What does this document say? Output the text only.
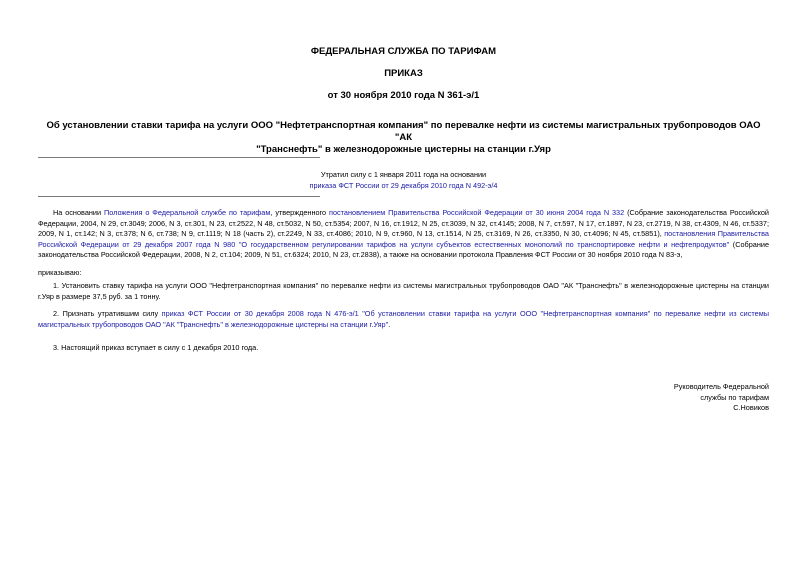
ФЕДЕРАЛЬНАЯ СЛУЖБА ПО ТАРИФАМ
ПРИКАЗ
от 30 ноября 2010 года N 361-э/1
Об установлении ставки тарифа на услуги ООО "Нефтетранспортная компания" по перевалке нефти из системы магистральных трубопроводов ОАО "АК
"Транснефть" в железнодорожные цистерны на станции г.Уяр
Утратил силу с 1 января 2011 года на основании
приказа ФСТ России от 29 декабря 2010 года N 492-э/4
На основании Положения о Федеральной службе по тарифам, утвержденного постановлением Правительства Российской Федерации от 30 июня 2004 года N 332 (Собрание законодательства Российской Федерации, 2004, N 29, ст.3049; 2006, N 3, ст.301, N 23, ст.2522, N 48, ст.5032, N 50, ст.5354; 2007, N 16, ст.1912, N 25, ст.3039, N 32, ст.4145; 2008, N 7, ст.597, N 17, ст.1897, N 23, ст.2719, N 38, ст.4309, N 46, ст.5337; 2009, N 1, ст.142; N 3, ст.378; N 6, ст.738; N 9, ст.1119; N 18 (часть 2), ст.2249, N 33, ст.4086; 2010, N 9, ст.960, N 13, ст.1514, N 25, ст.3169, N 26, ст.3350, N 30, ст.4096; N 45, ст.5851), постановления Правительства Российской Федерации от 29 декабря 2007 года N 980 "О государственном регулировании тарифов на услуги субъектов естественных монополий по транспортировке нефти и нефтепродуктов" (Собрание законодательства Российской Федерации, 2008, N 2, ст.104; 2009, N 51, ст.6324; 2010, N 23, ст.2838), а также на основании протокола Правления ФСТ России от 30 ноября 2010 года N 83-э,
приказываю:
1. Установить ставку тарифа на услуги ООО "Нефтетранспортная компания" по перевалке нефти из системы магистральных трубопроводов ОАО "АК "Транснефть" в железнодорожные цистерны на станции г.Уяр в размере 37,5 руб. за 1 тонну.
2. Признать утратившим силу приказ ФСТ России от 30 декабря 2008 года N 476-э/1 "Об установлении ставки тарифа на услуги ООО "Нефтетранспортная компания" по перевалке нефти из системы магистральных трубопроводов ОАО "АК "Транснефть" в железнодорожные цистерны на станции г.Уяр".
3. Настоящий приказ вступает в силу с 1 декабря 2010 года.
Руководитель Федеральной
службы по тарифам
С.Новиков
